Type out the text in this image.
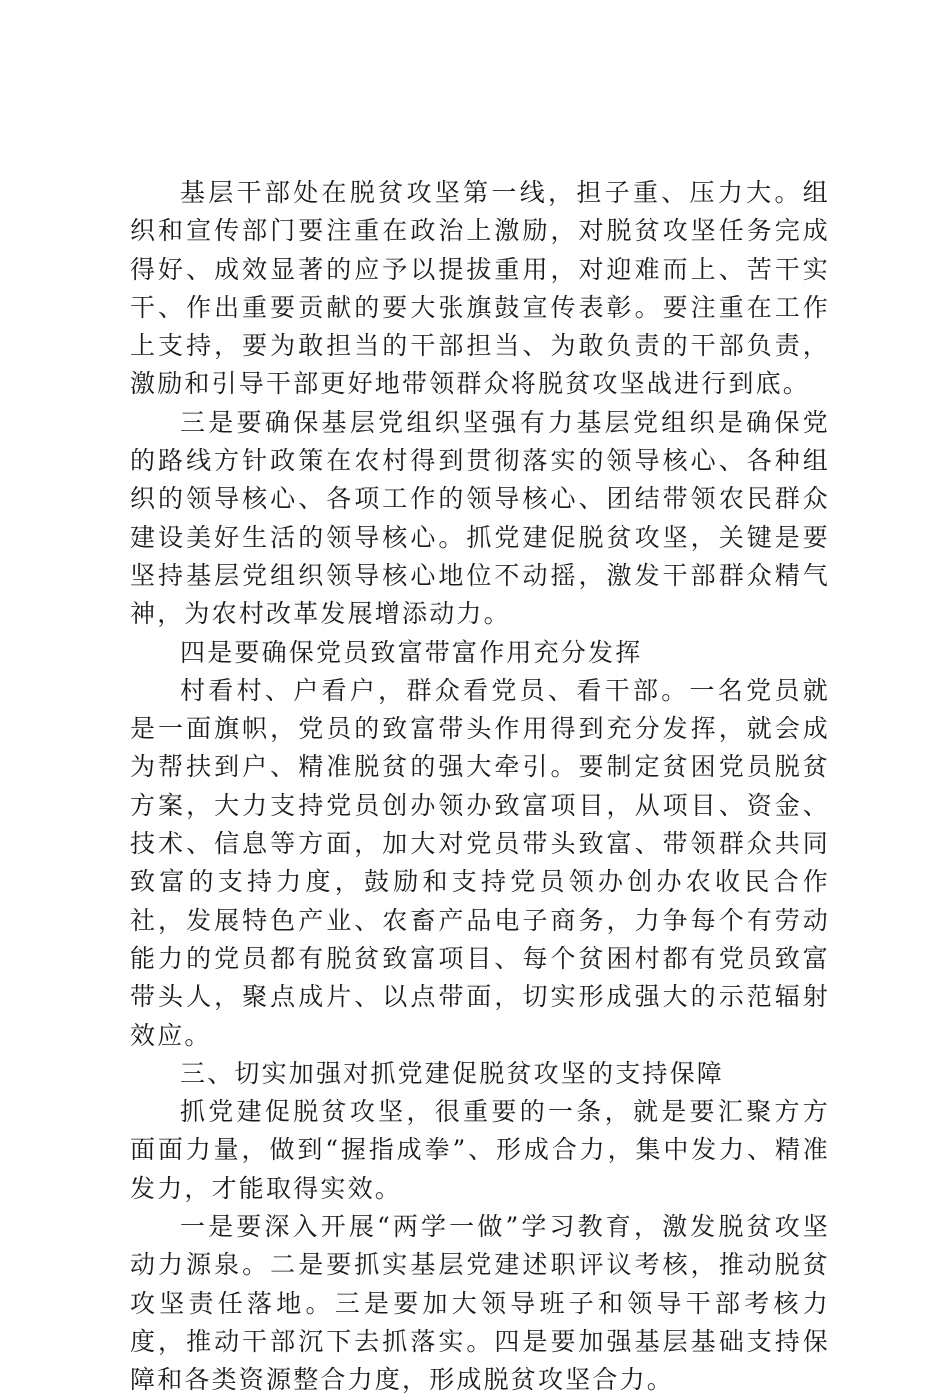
基层干部处在脱贫攻坚第一线，担子重、压力大。组织和宣传部门要注重在政治上激励，对脱贫攻坚任务完成得好、成效显著的应予以提拔重用，对迎难而上、苦干实干、作出重要贡献的要大张旗鼓宣传表彰。要注重在工作上支持，要为敢担当的干部担当、为敢负责的干部负责，激励和引导干部更好地带领群众将脱贫攻坚战进行到底。

三是要确保基层党组织坚强有力基层党组织是确保党的路线方针政策在农村得到贯彻落实的领导核心、各种组织的领导核心、各项工作的领导核心、团结带领农民群众建设美好生活的领导核心。抓党建促脱贫攻坚，关键是要坚持基层党组织领导核心地位不动摇，激发干部群众精气神，为农村改革发展增添动力。

四是要确保党员致富带富作用充分发挥

村看村、户看户，群众看党员、看干部。一名党员就是一面旗帜，党员的致富带头作用得到充分发挥，就会成为帮扶到户、精准脱贫的强大牵引。要制定贫困党员脱贫方案，大力支持党员创办领办致富项目，从项目、资金、技术、信息等方面，加大对党员带头致富、带领群众共同致富的支持力度，鼓励和支持党员领办创办农收民合作社，发展特色产业、农畜产品电子商务，力争每个有劳动能力的党员都有脱贫致富项目、每个贫困村都有党员致富带头人，聚点成片、以点带面，切实形成强大的示范辐射效应。

三、切实加强对抓党建促脱贫攻坚的支持保障

抓党建促脱贫攻坚，很重要的一条，就是要汇聚方方面面力量，做到“握指成拳”、形成合力，集中发力、精准发力，才能取得实效。

一是要深入开展“两学一做”学习教育，激发脱贫攻坚动力源泉。二是要抓实基层党建述职评议考核，推动脱贫攻坚责任落地。三是要加大领导班子和领导干部考核力度，推动干部沉下去抓落实。四是要加强基层基础支持保障和各类资源整合力度，形成脱贫攻坚合力。
